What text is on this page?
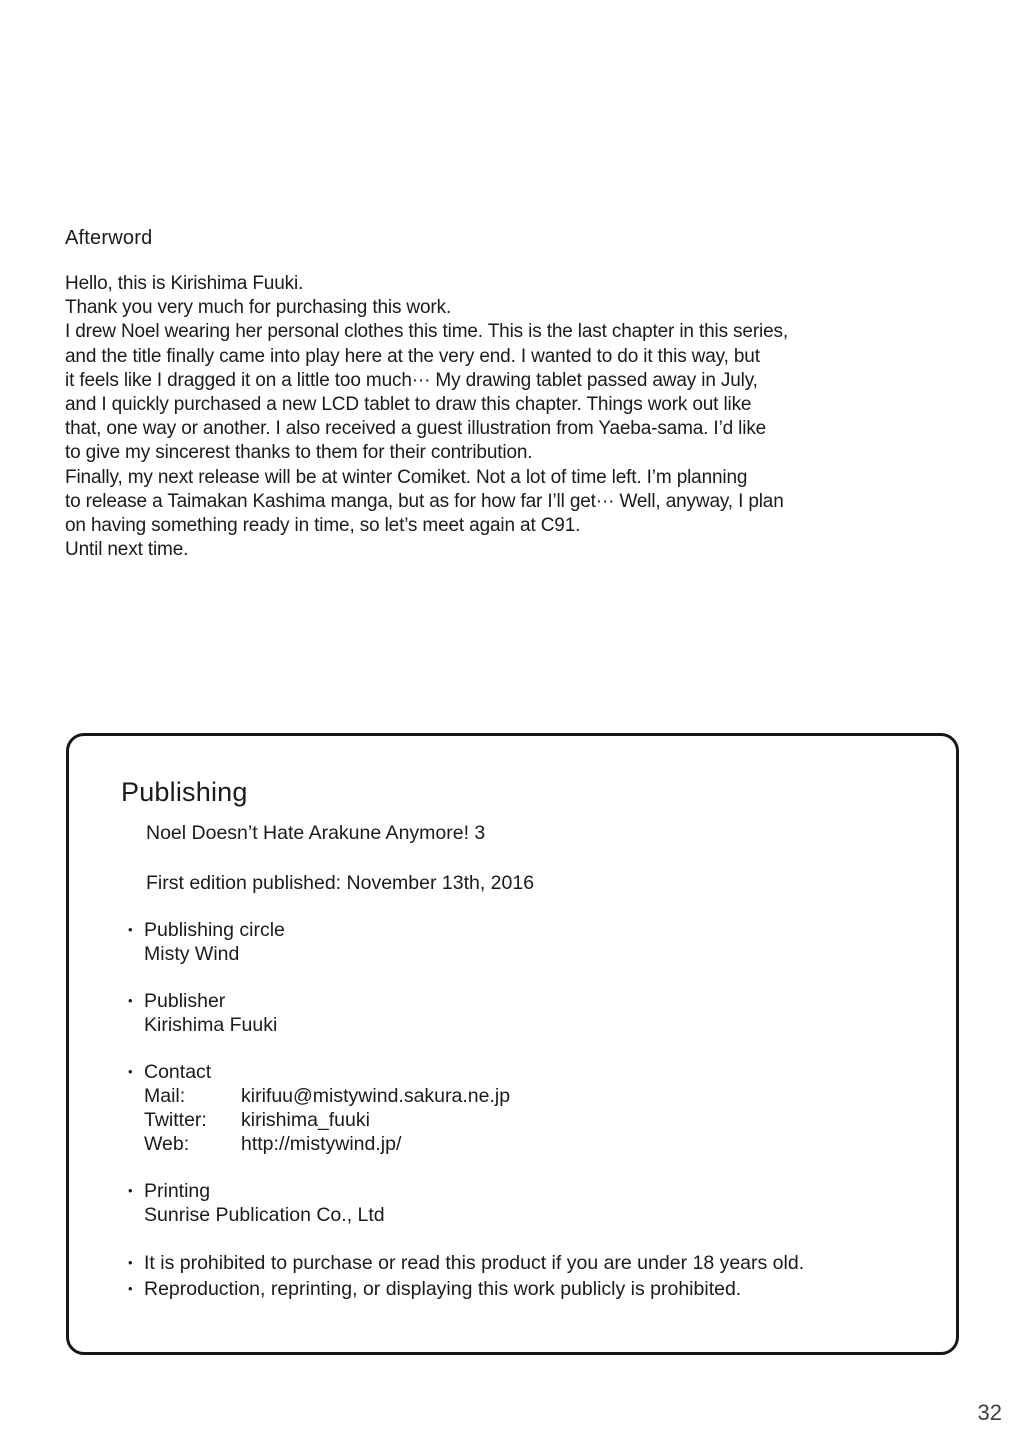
Afterword
Hello, this is Kirishima Fuuki.
Thank you very much for purchasing this work.
I drew Noel wearing her personal clothes this time. This is the last chapter in this series,
and the title finally came into play here at the very end. I wanted to do it this way, but
it feels like I dragged it on a little too much··· My drawing tablet passed away in July,
and I quickly purchased a new LCD tablet to draw this chapter. Things work out like
that, one way or another. I also received a guest illustration from Yaeba-sama. I’d like
to give my sincerest thanks to them for their contribution.
Finally, my next release will be at winter Comiket. Not a lot of time left. I’m planning
to release a Taimakan Kashima manga, but as for how far I’ll get··· Well, anyway, I plan
on having something ready in time, so let’s meet again at C91.
Until next time.
Publishing
Noel Doesn’t Hate Arakune Anymore! 3
First edition published: November 13th, 2016
• Publishing circle
Misty Wind
• Publisher
Kirishima Fuuki
• Contact
Mail:	kirifuu@mistywind.sakura.ne.jp
Twitter:	kirishima_fuuki
Web:	http://mistywind.jp/
• Printing
Sunrise Publication Co., Ltd
• It is prohibited to purchase or read this product if you are under 18 years old.
• Reproduction, reprinting, or displaying this work publicly is prohibited.
32
